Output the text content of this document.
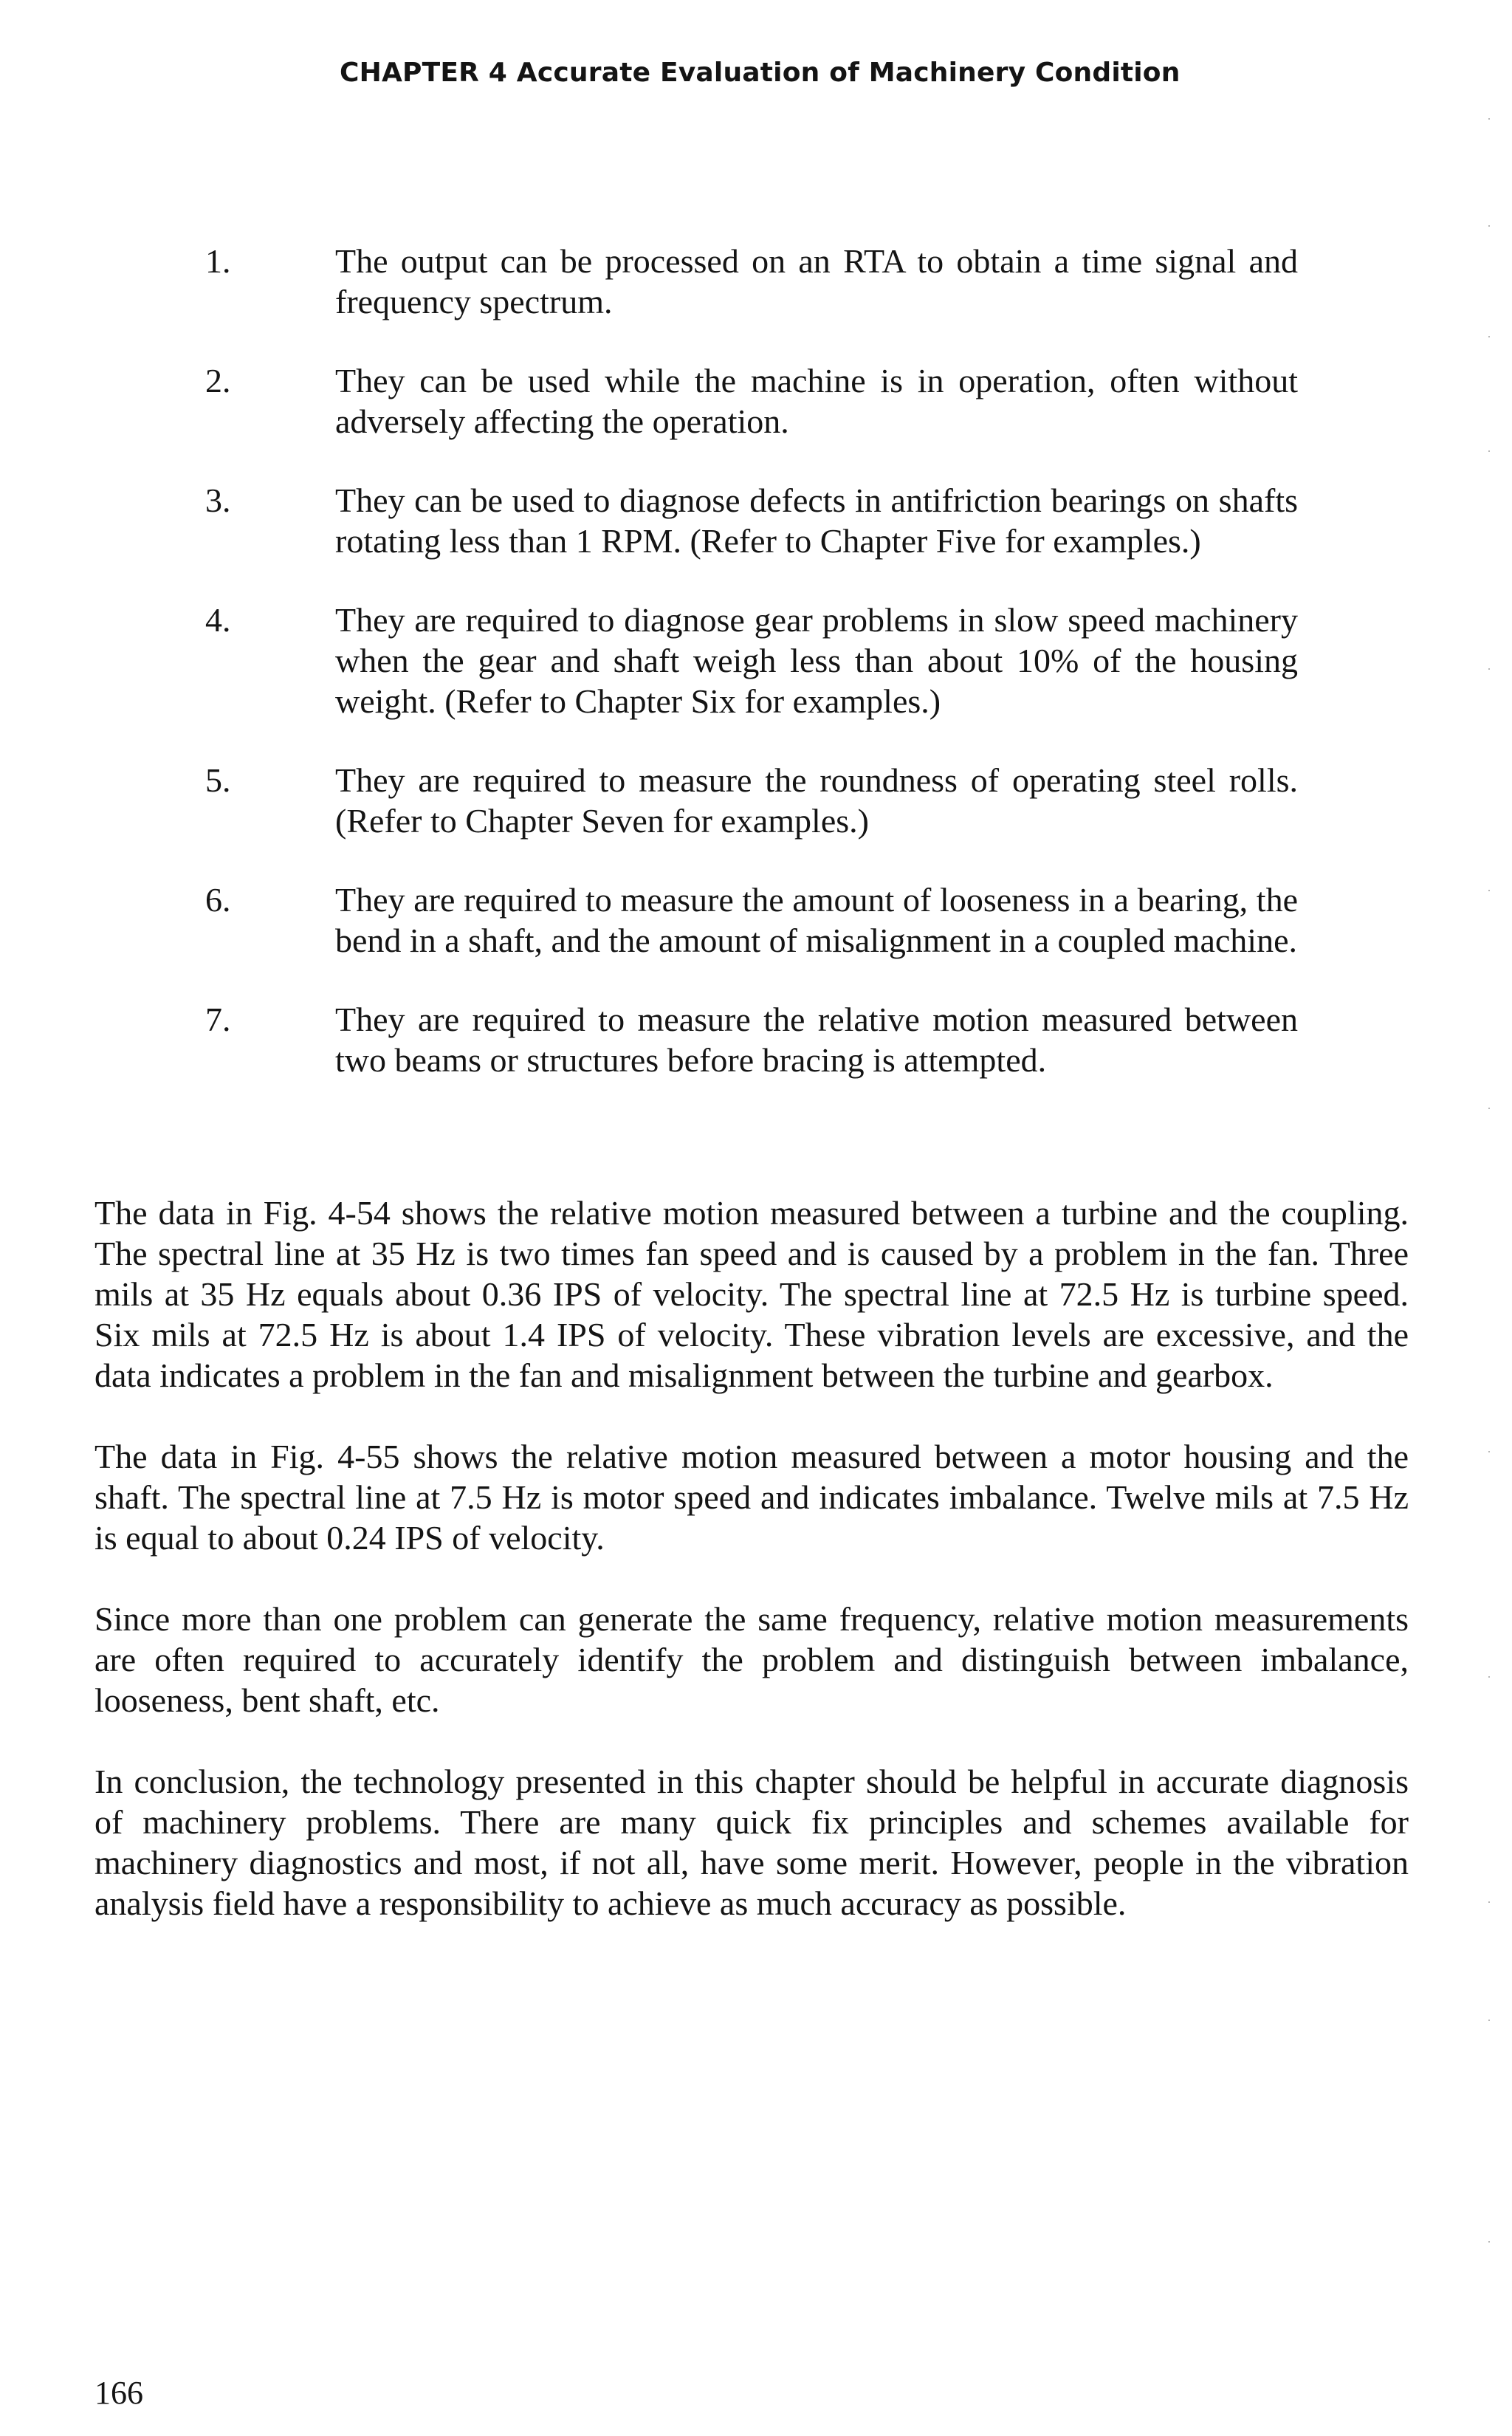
CHAPTER 4 Accurate Evaluation of Machinery Condition
1.	The output can be processed on an RTA to obtain a time signal and frequency spectrum.
2.	They can be used while the machine is in operation, often without adversely affecting the operation.
3.	They can be used to diagnose defects in antifriction bearings on shafts rotating less than 1 RPM. (Refer to Chapter Five for examples.)
4.	They are required to diagnose gear problems in slow speed machinery when the gear and shaft weigh less than about 10% of the housing weight. (Refer to Chapter Six for examples.)
5.	They are required to measure the roundness of operating steel rolls. (Refer to Chapter Seven for examples.)
6.	They are required to measure the amount of looseness in a bearing, the bend in a shaft, and the amount of misalignment in a coupled machine.
7.	They are required to measure the relative motion measured between two beams or structures before bracing is attempted.

The data in Fig. 4-54 shows the relative motion measured between a turbine and the coupling. The spectral line at 35 Hz is two times fan speed and is caused by a problem in the fan. Three mils at 35 Hz equals about 0.36 IPS of velocity. The spectral line at 72.5 Hz is turbine speed. Six mils at 72.5 Hz is about 1.4 IPS of velocity. These vibration levels are excessive, and the data indicates a problem in the fan and misalignment between the turbine and gearbox.

The data in Fig. 4-55 shows the relative motion measured between a motor housing and the shaft. The spectral line at 7.5 Hz is motor speed and indicates imbalance. Twelve mils at 7.5 Hz is equal to about 0.24 IPS of velocity.

Since more than one problem can generate the same frequency, relative motion measurements are often required to accurately identify the problem and distinguish between imbalance, looseness, bent shaft, etc.

In conclusion, the technology presented in this chapter should be helpful in accurate diagnosis of machinery problems. There are many quick fix principles and schemes available for machinery diagnostics and most, if not all, have some merit. However, people in the vibration analysis field have a responsibility to achieve as much accuracy as possible.

166
